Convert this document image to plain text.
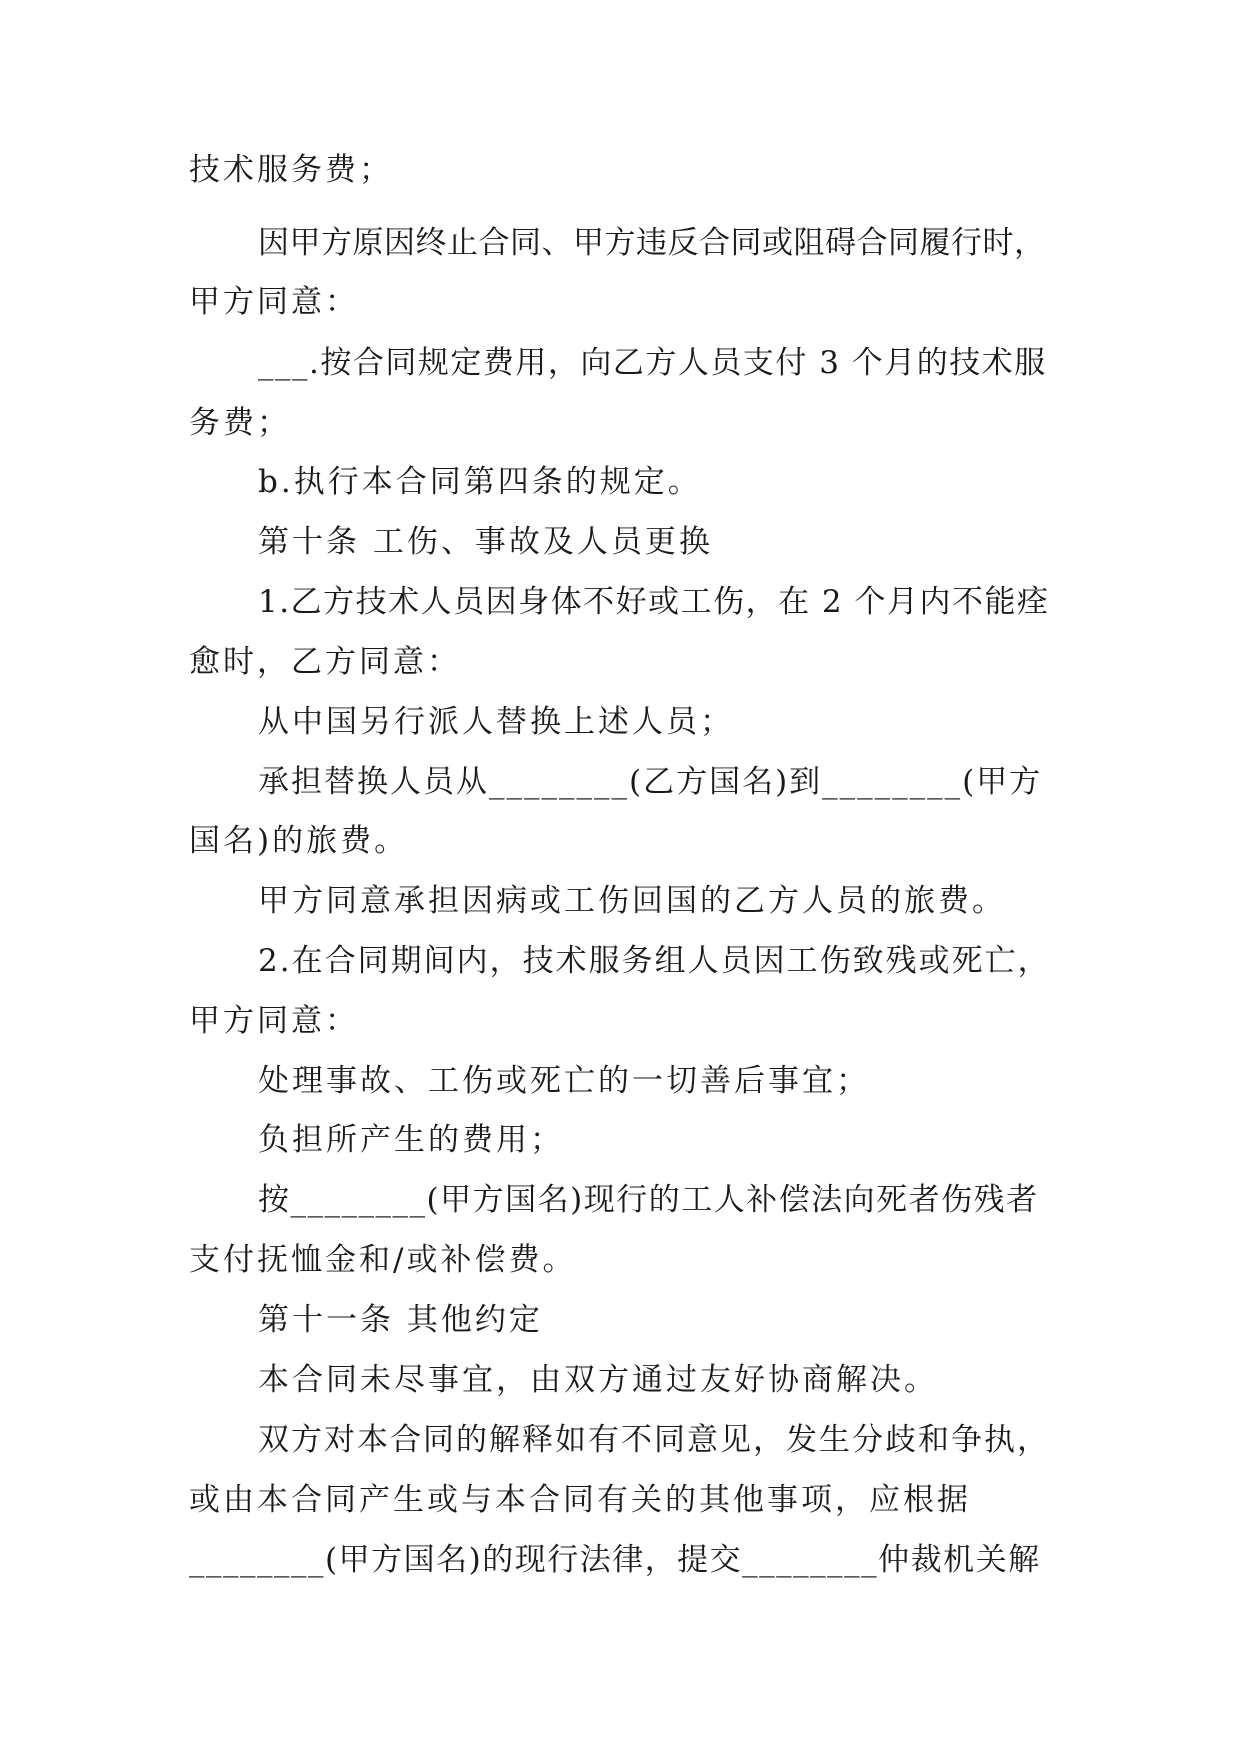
技术服务费；
因甲方原因终止合同、甲方违反合同或阻碍合同履行时，
甲方同意：
___.按合同规定费用，向乙方人员支付 3 个月的技术服
务费；
b.执行本合同第四条的规定。
第十条 工伤、事故及人员更换
1.乙方技术人员因身体不好或工伤，在 2 个月内不能痊
愈时，乙方同意：
从中国另行派人替换上述人员；
承担替换人员从________(乙方国名)到________(甲方
国名)的旅费。
甲方同意承担因病或工伤回国的乙方人员的旅费。
2.在合同期间内，技术服务组人员因工伤致残或死亡，
甲方同意：
处理事故、工伤或死亡的一切善后事宜；
负担所产生的费用；
按________(甲方国名)现行的工人补偿法向死者伤残者
支付抚恤金和/或补偿费。
第十一条 其他约定
本合同未尽事宜，由双方通过友好协商解决。
双方对本合同的解释如有不同意见，发生分歧和争执，
或由本合同产生或与本合同有关的其他事项，应根据
________(甲方国名)的现行法律，提交________仲裁机关解
